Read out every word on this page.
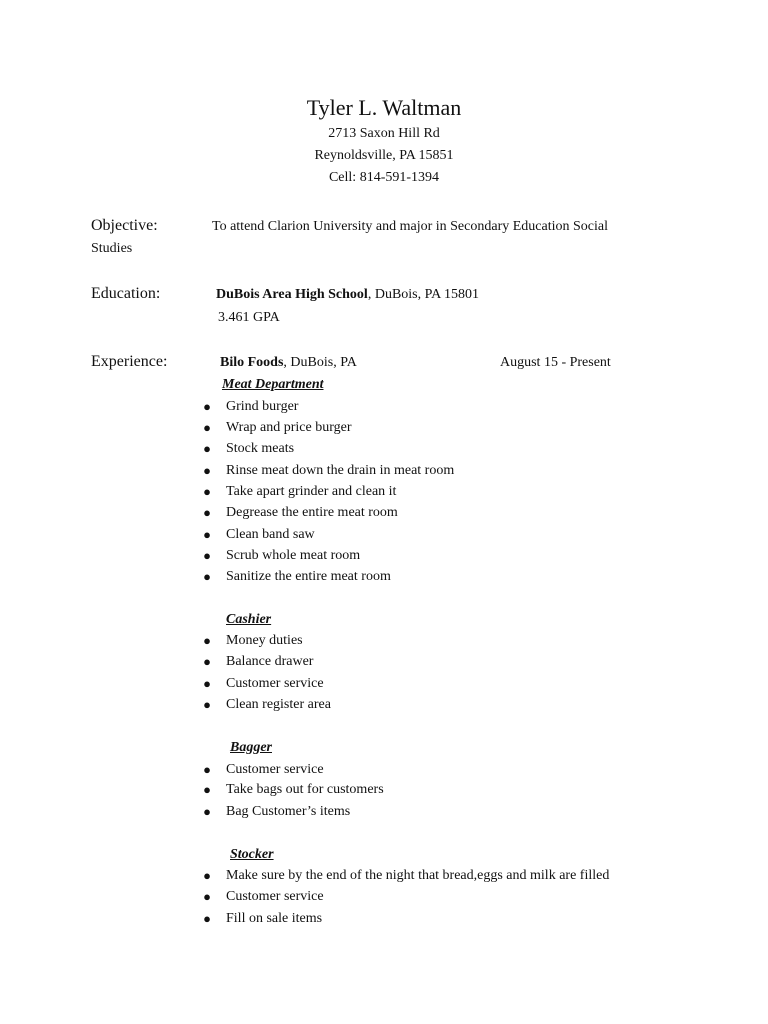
Tyler L. Waltman
2713 Saxon Hill Rd
Reynoldsville, PA 15851
Cell: 814-591-1394
Objective:	To attend Clarion University and major in Secondary Education Social
Studies
Education:	DuBois Area High School, DuBois, PA 15801
3.461 GPA
Experience:	Bilo Foods, DuBois, PA	August 15 - Present
Meat Department
● Grind burger
● Wrap and price burger
● Stock meats
● Rinse meat down the drain in meat room
● Take apart grinder and clean it
● Degrease the entire meat room
● Clean band saw
● Scrub whole meat room
● Sanitize the entire meat room
Cashier
● Money duties
● Balance drawer
● Customer service
● Clean register area
Bagger
● Customer service
● Take bags out for customers
● Bag Customer’s items
Stocker
● Make sure by the end of the night that bread,eggs and milk are filled
● Customer service
● Fill on sale items
